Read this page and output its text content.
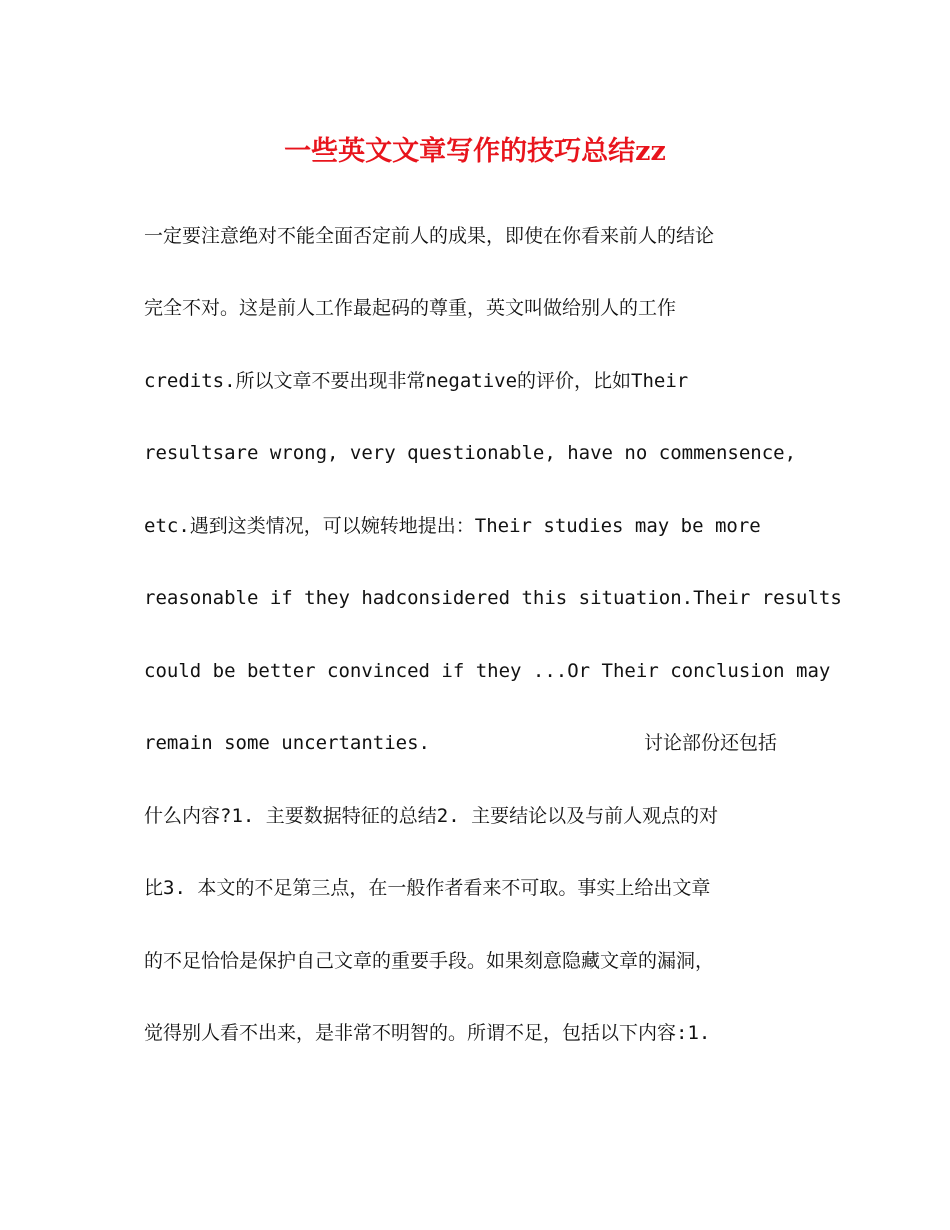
一些英文文章写作的技巧总结zz

一定要注意绝对不能全面否定前人的成果，即使在你看来前人的结论

完全不对。这是前人工作最起码的尊重，英文叫做给别人的工作

credits.所以文章不要出现非常negative的评价，比如Their

resultsare wrong, very questionable, have no commensence,

etc.遇到这类情况，可以婉转地提出：Their studies may be more

reasonable if they hadconsidered this situation.Their results

could be better convinced if they ...Or Their conclusion may

remain some uncertanties.	讨论部份还包括

什么内容?1. 主要数据特征的总结2. 主要结论以及与前人观点的对

比3. 本文的不足第三点，在一般作者看来不可取。事实上给出文章

的不足恰恰是保护自己文章的重要手段。如果刻意隐藏文章的漏洞，

觉得别人看不出来，是非常不明智的。所谓不足，包括以下内容:1.
